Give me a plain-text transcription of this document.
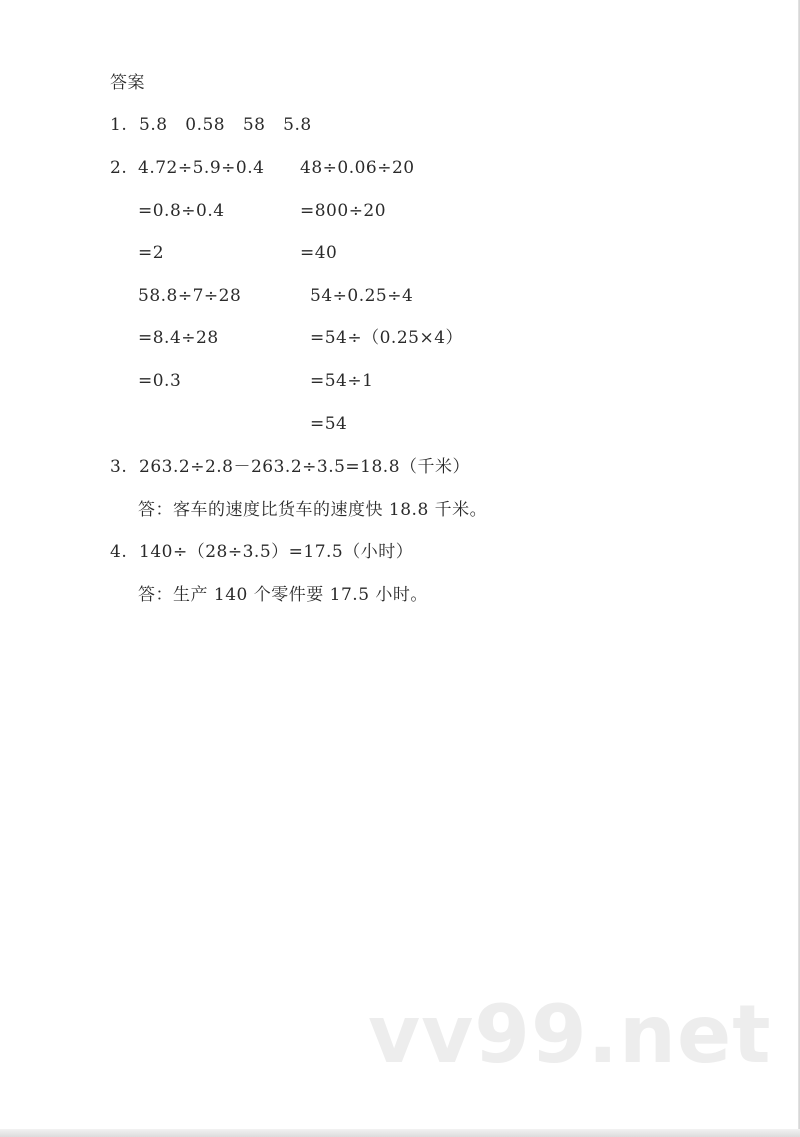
答案
1.  5.8   0.58   58   5.8
2. 4.72÷5.9÷0.4
=0.8÷0.4
=2
58.8÷7÷28
=8.4÷28
=0.3
48÷0.06÷20
=800÷20
=40
54÷0.25÷4
=54÷（0.25×4）
=54÷1
=54
3.  263.2÷2.8－263.2÷3.5=18.8（千米）
答：客车的速度比货车的速度快 18.8 千米。
4.  140÷（28÷3.5）=17.5（小时）
答：生产 140 个零件要 17.5 小时。
vv99.net
